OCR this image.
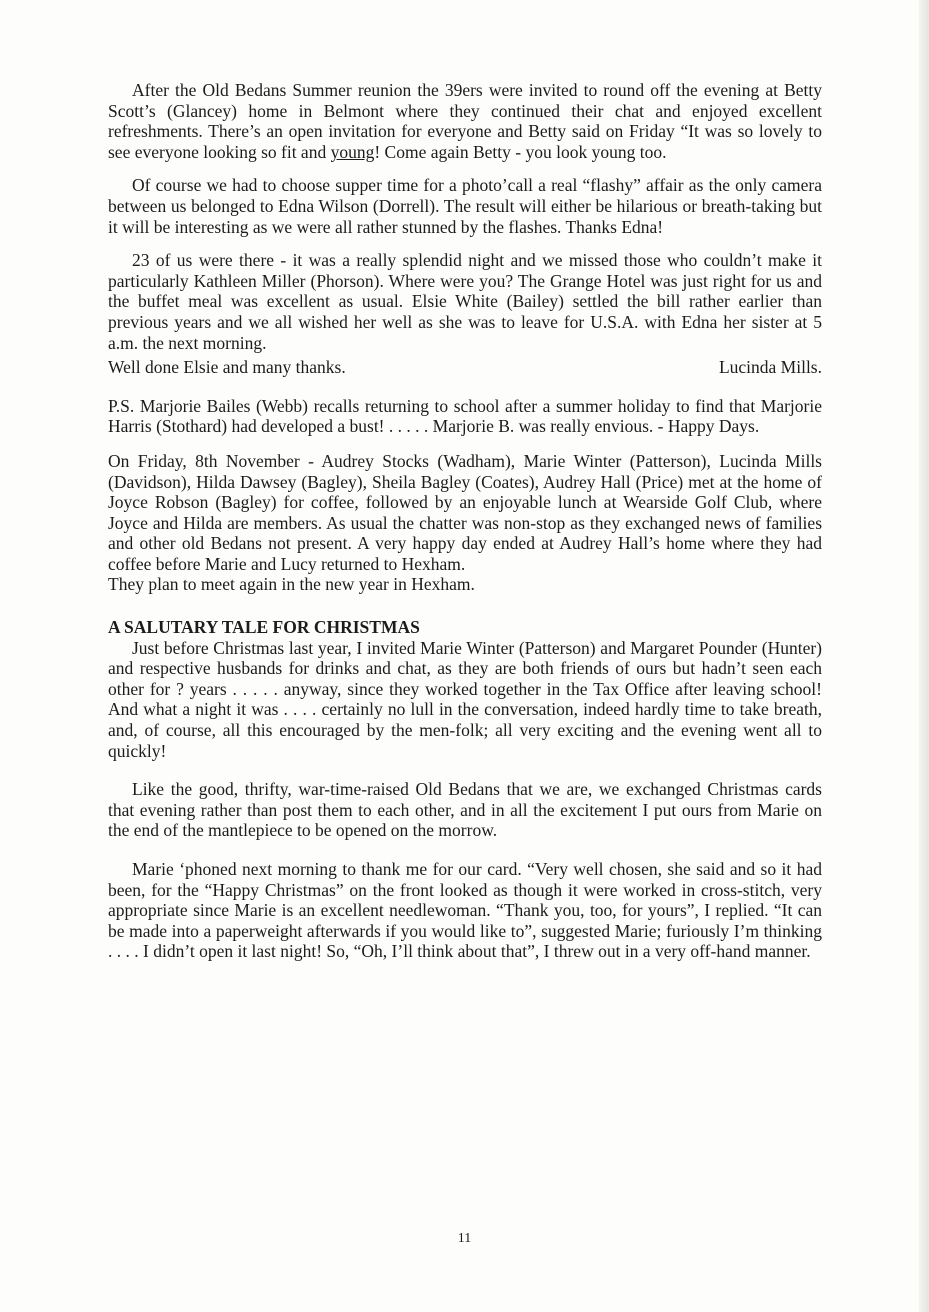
After the Old Bedans Summer reunion the 39ers were invited to round off the evening at Betty Scott’s (Glancey) home in Belmont where they continued their chat and enjoyed excellent refreshments. There’s an open invitation for everyone and Betty said on Friday “It was so lovely to see everyone looking so fit and young! Come again Betty - you look young too.

Of course we had to choose supper time for a photo’call a real “flashy” affair as the only camera between us belonged to Edna Wilson (Dorrell). The result will either be hilarious or breath-taking but it will be interesting as we were all rather stunned by the flashes. Thanks Edna!

23 of us were there - it was a really splendid night and we missed those who couldn’t make it particularly Kathleen Miller (Phorson). Where were you? The Grange Hotel was just right for us and the buffet meal was excellent as usual. Elsie White (Bailey) settled the bill rather earlier than previous years and we all wished her well as she was to leave for U.S.A. with Edna her sister at 5 a.m. the next morning.

Well done Elsie and many thanks.	Lucinda Mills.

P.S. Marjorie Bailes (Webb) recalls returning to school after a summer holiday to find that Marjorie Harris (Stothard) had developed a bust! . . . . . Marjorie B. was really envious. - Happy Days.

On Friday, 8th November - Audrey Stocks (Wadham), Marie Winter (Patterson), Lucinda Mills (Davidson), Hilda Dawsey (Bagley), Sheila Bagley (Coates), Audrey Hall (Price) met at the home of Joyce Robson (Bagley) for coffee, followed by an enjoyable lunch at Wearside Golf Club, where Joyce and Hilda are members. As usual the chatter was non-stop as they exchanged news of families and other old Bedans not present. A very happy day ended at Audrey Hall’s home where they had coffee before Marie and Lucy returned to Hexham.

They plan to meet again in the new year in Hexham.

A SALUTARY TALE FOR CHRISTMAS

Just before Christmas last year, I invited Marie Winter (Patterson) and Margaret Pounder (Hunter) and respective husbands for drinks and chat, as they are both friends of ours but hadn’t seen each other for ? years . . . . . anyway, since they worked together in the Tax Office after leaving school! And what a night it was . . . . certainly no lull in the conversation, indeed hardly time to take breath, and, of course, all this encouraged by the men-folk; all very exciting and the evening went all to quickly!

Like the good, thrifty, war-time-raised Old Bedans that we are, we exchanged Christmas cards that evening rather than post them to each other, and in all the excitement I put ours from Marie on the end of the mantlepiece to be opened on the morrow.

Marie ‘phoned next morning to thank me for our card. “Very well chosen, she said and so it had been, for the “Happy Christmas” on the front looked as though it were worked in cross-stitch, very appropriate since Marie is an excellent needlewoman. “Thank you, too, for yours”, I replied. “It can be made into a paperweight afterwards if you would like to”, suggested Marie; furiously I’m thinking . . . . I didn’t open it last night! So, “Oh, I’ll think about that”, I threw out in a very off-hand manner.

11
